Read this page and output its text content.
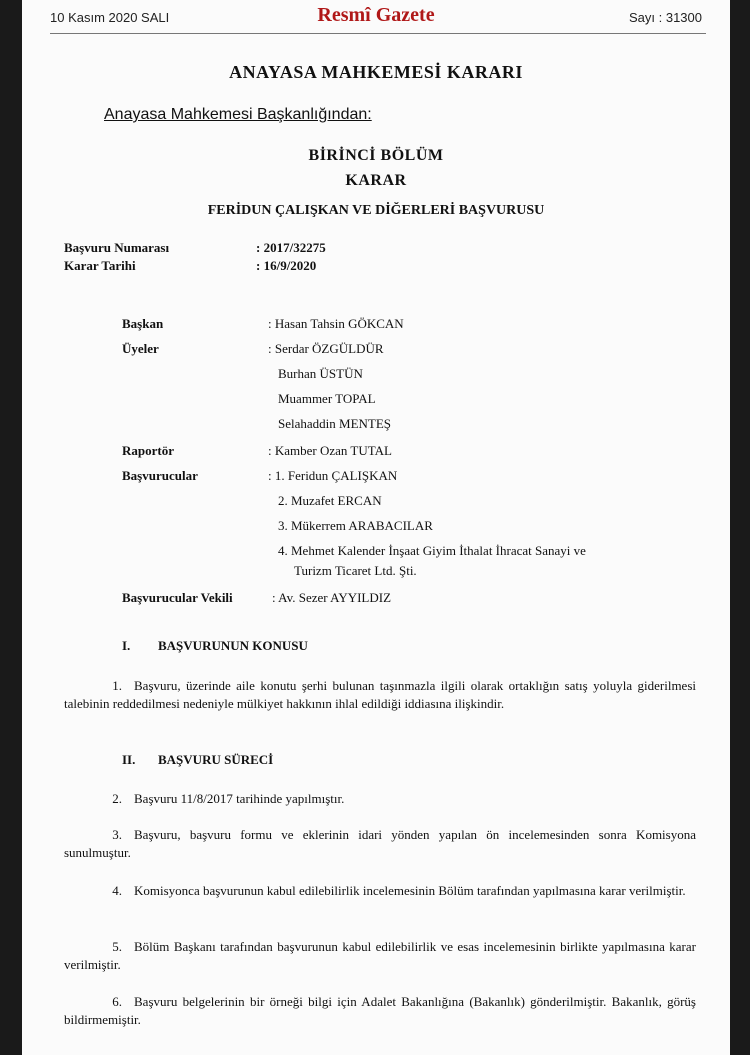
10 Kasım 2020 SALI	Resmî Gazete	Sayı : 31300
ANAYASA MAHKEMESİ KARARI
Anayasa Mahkemesi Başkanlığından:
BİRİNCİ BÖLÜM
KARAR
FERİDUN ÇALIŞKAN VE DİĞERLERİ BAŞVURUSU
Başvuru Numarası	: 2017/32275
Karar Tarihi	: 16/9/2020
Başkan	: Hasan Tahsin GÖKCAN
Üyeler	: Serdar ÖZGÜLDÜR
Burhan ÜSTÜN
Muammer TOPAL
Selahaddin MENTEŞ
Raportör	: Kamber Ozan TUTAL
Başvurucular	: 1. Feridun ÇALIŞKAN
2. Muzafet ERCAN
3. Mükerrem ARABACILAR
4. Mehmet Kalender İnşaat Giyim İthalat İhracat Sanayi ve
Turizm Ticaret Ltd. Şti.
Başvurucular Vekili	: Av. Sezer AYYILDIZ
I. BAŞVURUNUN KONUSU
1. Başvuru, üzerinde aile konutu şerhi bulunan taşınmazla ilgili olarak ortaklığın satış yoluyla giderilmesi talebinin reddedilmesi nedeniyle mülkiyet hakkının ihlal edildiği iddiasına ilişkindir.
II. BAŞVURU SÜRECİ
2. Başvuru 11/8/2017 tarihinde yapılmıştır.
3. Başvuru, başvuru formu ve eklerinin idari yönden yapılan ön incelemesinden sonra Komisyona sunulmuştur.
4. Komisyonca başvurunun kabul edilebilirlik incelemesinin Bölüm tarafından yapılmasına karar verilmiştir.
5. Bölüm Başkanı tarafından başvurunun kabul edilebilirlik ve esas incelemesinin birlikte yapılmasına karar verilmiştir.
6. Başvuru belgelerinin bir örneği bilgi için Adalet Bakanlığına (Bakanlık) gönderilmiştir. Bakanlık, görüş bildirmemiştir.
